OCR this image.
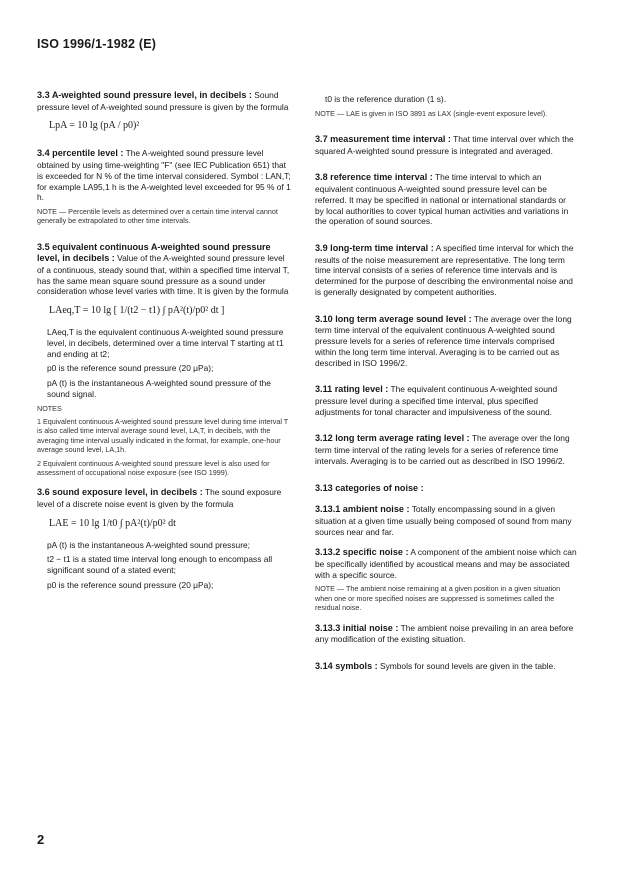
ISO 1996/1-1982 (E)
3.3 A-weighted sound pressure level, in decibels : Sound pressure level of A-weighted sound pressure is given by the formula
LpA = 10 lg (pA / p0)²
3.4 percentile level : The A-weighted sound pressure level obtained by using time-weighting "F" (see IEC Publication 651) that is exceeded for N % of the time interval considered. Symbol : LAN,T; for example LA95,1 h is the A-weighted level exceeded for 95 % of 1 h.
NOTE — Percentile levels as determined over a certain time interval cannot generally be extrapolated to other time intervals.
3.5 equivalent continuous A-weighted sound pressure level, in decibels : Value of the A-weighted sound pressure level of a continuous, steady sound that, within a specified time interval T, has the same mean square sound pressure as a sound under consideration whose level varies with time. It is given by the formula
LAeq,T = 10 lg [ 1/(t2 − t1) ∫ pA²(t)/p0² dt ]
LAeq,T is the equivalent continuous A-weighted sound pressure level, in decibels, determined over a time interval T starting at t1 and ending at t2;
p0 is the reference sound pressure (20 μPa);
pA (t) is the instantaneous A-weighted sound pressure of the sound signal.
NOTES
1 Equivalent continuous A-weighted sound pressure level during time interval T is also called time interval average sound level, LA,T, in decibels, with the averaging time interval usually indicated in the format, for example, one-hour average sound level, LA,1h.
2 Equivalent continuous A-weighted sound pressure level is also used for assessment of occupational noise exposure (see ISO 1999).
3.6 sound exposure level, in decibels : The sound exposure level of a discrete noise event is given by the formula
LAE = 10 lg 1/t0 ∫ pA²(t)/p0² dt
pA (t) is the instantaneous A-weighted sound pressure;
t2 − t1 is a stated time interval long enough to encompass all significant sound of a stated event;
p0 is the reference sound pressure (20 μPa);
t0 is the reference duration (1 s).
NOTE — LAE is given in ISO 3891 as LAX (single-event exposure level).
3.7 measurement time interval : That time interval over which the squared A-weighted sound pressure is integrated and averaged.
3.8 reference time interval : The time interval to which an equivalent continuous A-weighted sound pressure level can be referred. It may be specified in national or international standards or by local authorities to cover typical human activities and variations in the operation of sound sources.
3.9 long-term time interval : A specified time interval for which the results of the noise measurement are representative. The long term time interval consists of a series of reference time intervals and is determined for the purpose of describing the environmental noise and is generally designated by competent authorities.
3.10 long term average sound level : The average over the long term time interval of the equivalent continuous A-weighted sound pressure levels for a series of reference time intervals comprised within the long term time interval. Averaging is to be carried out as described in ISO 1996/2.
3.11 rating level : The equivalent continuous A-weighted sound pressure level during a specified time interval, plus specified adjustments for tonal character and impulsiveness of the sound.
3.12 long term average rating level : The average over the long term time interval of the rating levels for a series of reference time intervals. Averaging is to be carried out as described in ISO 1996/2.
3.13 categories of noise :
3.13.1 ambient noise : Totally encompassing sound in a given situation at a given time usually being composed of sound from many sources near and far.
3.13.2 specific noise : A component of the ambient noise which can be specifically identified by acoustical means and may be associated with a specific source.
NOTE — The ambient noise remaining at a given position in a given situation when one or more specified noises are suppressed is sometimes called the residual noise.
3.13.3 initial noise : The ambient noise prevailing in an area before any modification of the existing situation.
3.14 symbols : Symbols for sound levels are given in the table.
2
